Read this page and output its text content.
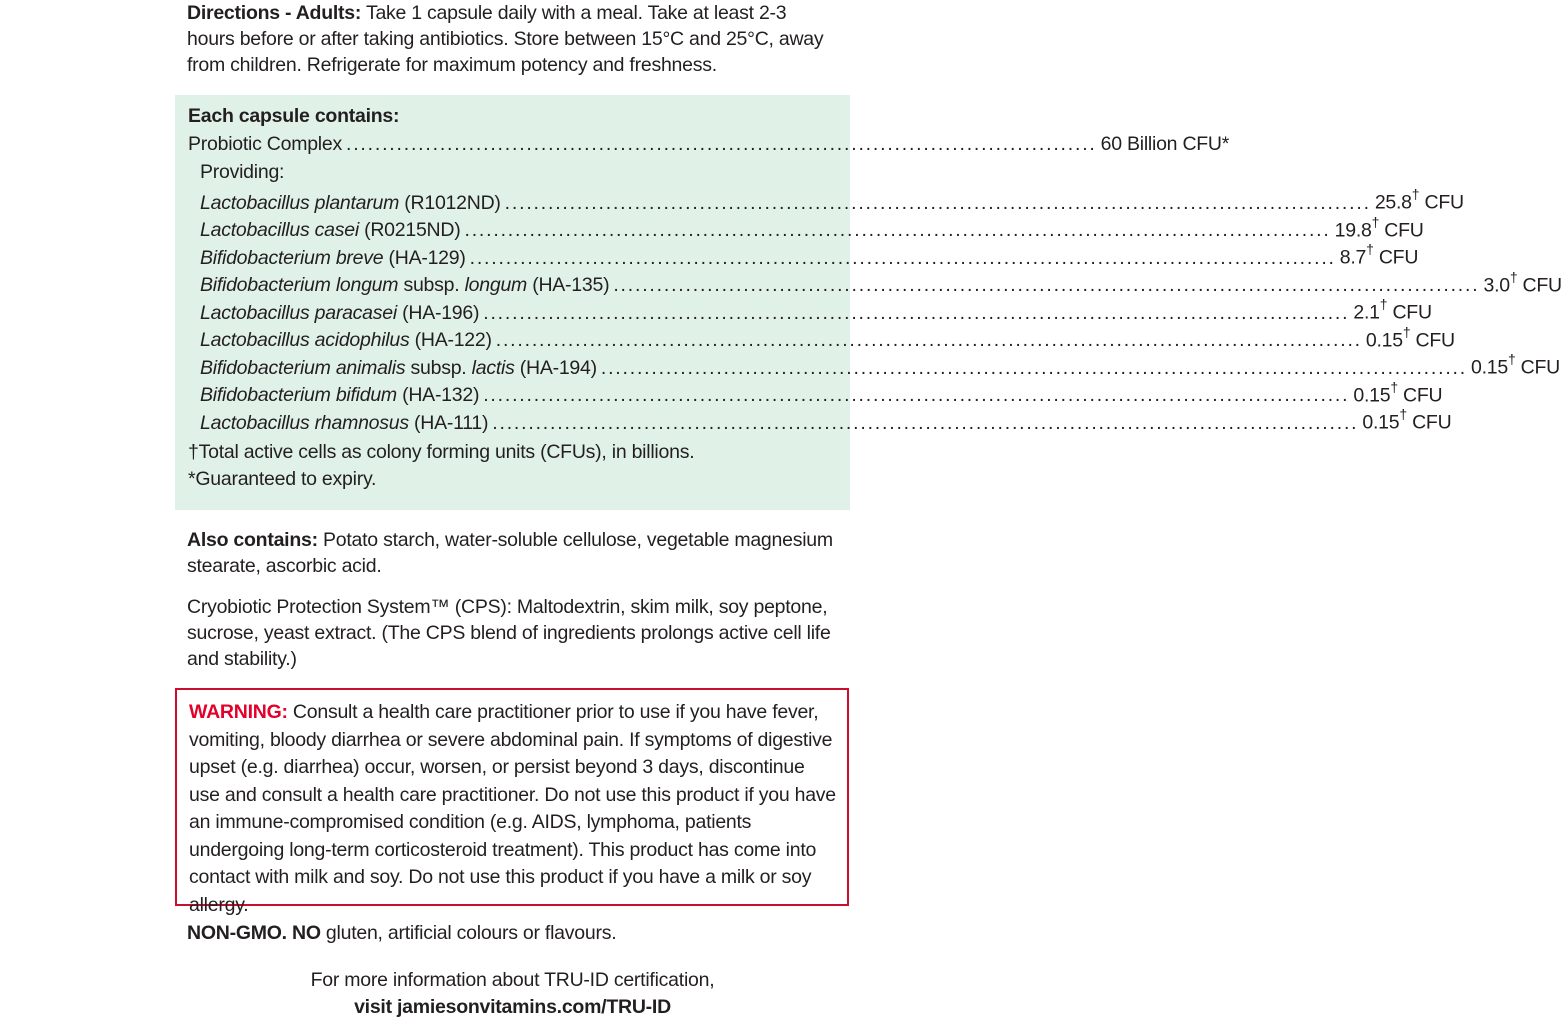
Directions - Adults: Take 1 capsule daily with a meal. Take at least 2-3 hours before or after taking antibiotics. Store between 15°C and 25°C, away from children. Refrigerate for maximum potency and freshness.
Each capsule contains:
Probiotic Complex ........................................................................................................ 60 Billion CFU*
Providing:
Lactobacillus plantarum (R1012ND) ........................................................................................................................ 25.8† CFU
Lactobacillus casei (R0215ND) ........................................................................................................................ 19.8† CFU
Bifidobacterium breve (HA-129) ........................................................................................................................ 8.7† CFU
Bifidobacterium longum subsp. longum (HA-135) ........................................................................................................................ 3.0† CFU
Lactobacillus paracasei (HA-196) ........................................................................................................................ 2.1† CFU
Lactobacillus acidophilus (HA-122) ........................................................................................................................ 0.15† CFU
Bifidobacterium animalis subsp. lactis (HA-194) ........................................................................................................................ 0.15† CFU
Bifidobacterium bifidum (HA-132) ........................................................................................................................ 0.15† CFU
Lactobacillus rhamnosus (HA-111) ........................................................................................................................ 0.15† CFU
†Total active cells as colony forming units (CFUs), in billions.
*Guaranteed to expiry.
Also contains: Potato starch, water-soluble cellulose, vegetable magnesium stearate, ascorbic acid.
Cryobiotic Protection System™ (CPS): Maltodextrin, skim milk, soy peptone, sucrose, yeast extract. (The CPS blend of ingredients prolongs active cell life and stability.)
WARNING: Consult a health care practitioner prior to use if you have fever, vomiting, bloody diarrhea or severe abdominal pain. If symptoms of digestive upset (e.g. diarrhea) occur, worsen, or persist beyond 3 days, discontinue use and consult a health care practitioner. Do not use this product if you have an immune-compromised condition (e.g. AIDS, lymphoma, patients undergoing long-term corticosteroid treatment). This product has come into contact with milk and soy. Do not use this product if you have a milk or soy allergy.
NON-GMO. NO gluten, artificial colours or flavours.
For more information about TRU-ID certification,
visit jamiesonvitamins.com/TRU-ID
